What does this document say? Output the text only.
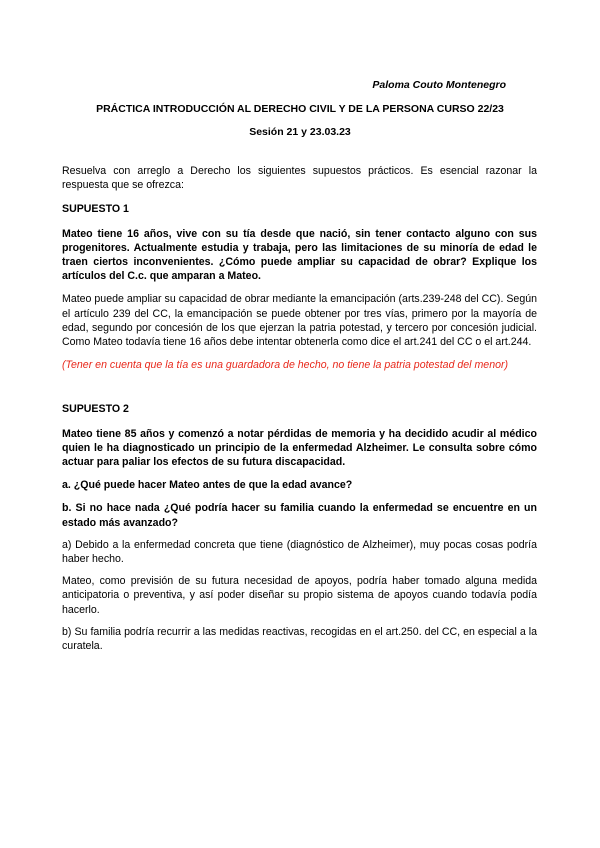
Paloma Couto Montenegro
PRÁCTICA INTRODUCCIÓN AL DERECHO CIVIL Y DE LA PERSONA CURSO 22/23
Sesión 21 y 23.03.23

Resuelva con arreglo a Derecho los siguientes supuestos prácticos. Es esencial razonar la respuesta que se ofrezca:

SUPUESTO 1

Mateo tiene 16 años, vive con su tía desde que nació, sin tener contacto alguno con sus progenitores. Actualmente estudia y trabaja, pero las limitaciones de su minoría de edad le traen ciertos inconvenientes. ¿Cómo puede ampliar su capacidad de obrar? Explique los artículos del C.c. que amparan a Mateo.

Mateo puede ampliar su capacidad de obrar mediante la emancipación (arts.239-248 del CC). Según el artículo 239 del CC, la emancipación se puede obtener por tres vías, primero por la mayoría de edad, segundo por concesión de los que ejerzan la patria potestad, y tercero por concesión judicial. Como Mateo todavía tiene 16 años debe intentar obtenerla como dice el art.241 del CC o el art.244.

(Tener en cuenta que la tía es una guardadora de hecho, no tiene la patria potestad del menor)

SUPUESTO 2

Mateo tiene 85 años y comenzó a notar pérdidas de memoria y ha decidido acudir al médico quien le ha diagnosticado un principio de la enfermedad Alzheimer. Le consulta sobre cómo actuar para paliar los efectos de su futura discapacidad.

a. ¿Qué puede hacer Mateo antes de que la edad avance?

b. Si no hace nada ¿Qué podría hacer su familia cuando la enfermedad se encuentre en un estado más avanzado?

a) Debido a la enfermedad concreta que tiene (diagnóstico de Alzheimer), muy pocas cosas podría haber hecho.

Mateo, como previsión de su futura necesidad de apoyos, podría haber tomado alguna medida anticipatoria o preventiva, y así poder diseñar su propio sistema de apoyos cuando todavía podía hacerlo.

b) Su familia podría recurrir a las medidas reactivas, recogidas en el art.250. del CC, en especial a la curatela.
